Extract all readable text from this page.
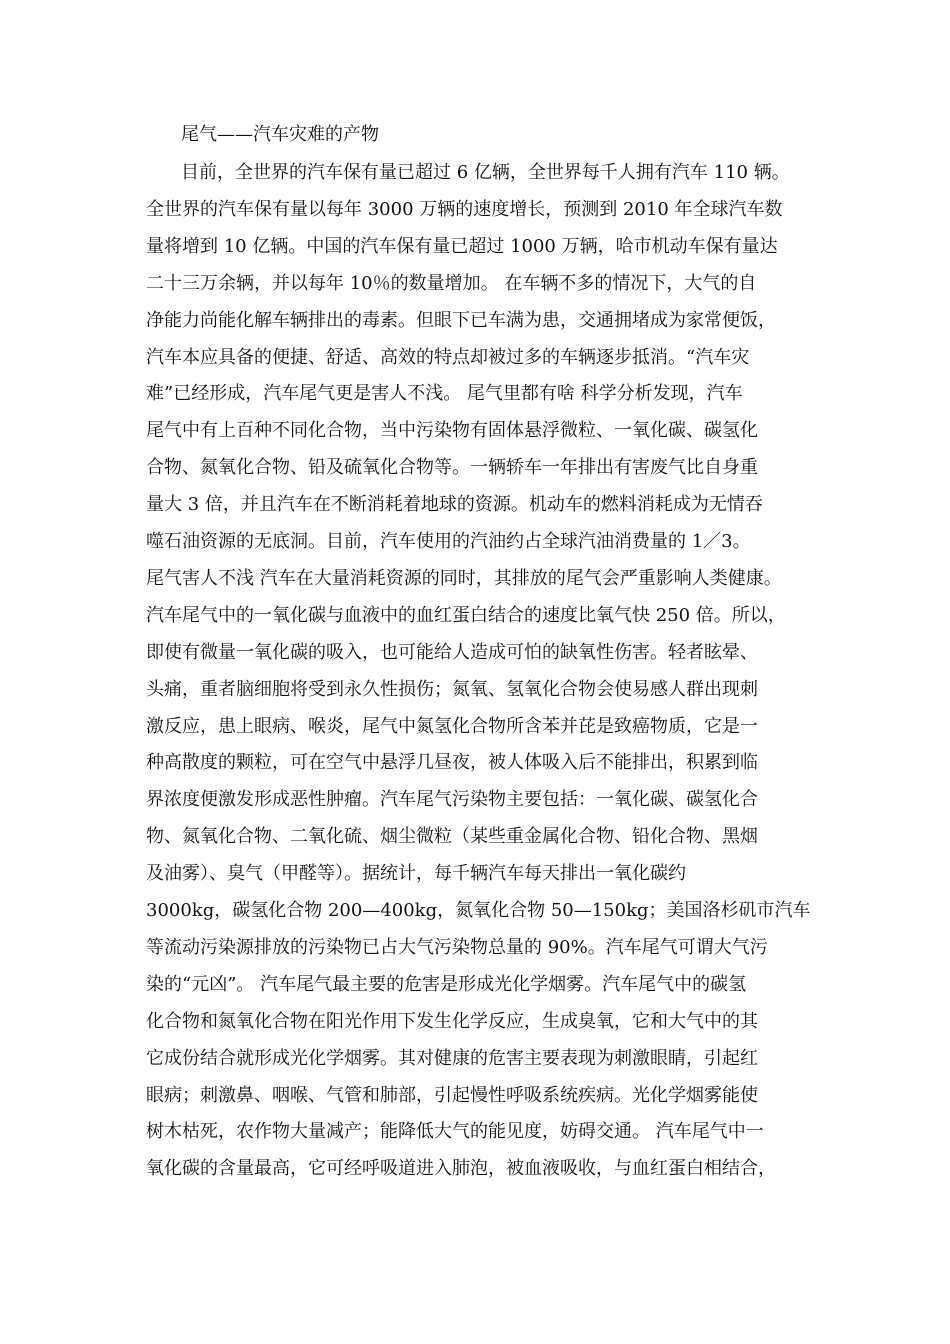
尾气——汽车灾难的产物
目前，全世界的汽车保有量已超过 6 亿辆，全世界每千人拥有汽车 110 辆。
全世界的汽车保有量以每年 3000 万辆的速度增长，预测到 2010 年全球汽车数
量将增到 10 亿辆。中国的汽车保有量已超过 1000 万辆，哈市机动车保有量达
二十三万余辆，并以每年 10％的数量增加。 在车辆不多的情况下，大气的自
净能力尚能化解车辆排出的毒素。但眼下已车满为患，交通拥堵成为家常便饭，
汽车本应具备的便捷、舒适、高效的特点却被过多的车辆逐步抵消。“汽车灾
难”已经形成，汽车尾气更是害人不浅。 尾气里都有啥 科学分析发现，汽车
尾气中有上百种不同化合物，当中污染物有固体悬浮微粒、一氧化碳、碳氢化
合物、氮氧化合物、铅及硫氧化合物等。一辆轿车一年排出有害废气比自身重
量大 3 倍，并且汽车在不断消耗着地球的资源。机动车的燃料消耗成为无情吞
噬石油资源的无底洞。目前，汽车使用的汽油约占全球汽油消费量的 1／3。
尾气害人不浅 汽车在大量消耗资源的同时，其排放的尾气会严重影响人类健康。
汽车尾气中的一氧化碳与血液中的血红蛋白结合的速度比氧气快 250 倍。所以，
即使有微量一氧化碳的吸入，也可能给人造成可怕的缺氧性伤害。轻者眩晕、
头痛，重者脑细胞将受到永久性损伤；氮氧、氢氧化合物会使易感人群出现刺
激反应，患上眼病、喉炎，尾气中氮氢化合物所含苯并芘是致癌物质，它是一
种高散度的颗粒，可在空气中悬浮几昼夜，被人体吸入后不能排出，积累到临
界浓度便激发形成恶性肿瘤。汽车尾气污染物主要包括：一氧化碳、碳氢化合
物、氮氧化合物、二氧化硫、烟尘微粒（某些重金属化合物、铅化合物、黑烟
及油雾）、臭气（甲醛等）。据统计，每千辆汽车每天排出一氧化碳约
3000kg，碳氢化合物 200—400kg，氮氧化合物 50—150kg；美国洛杉矶市汽车
等流动污染源排放的污染物已占大气污染物总量的 90%。汽车尾气可谓大气污
染的“元凶”。 汽车尾气最主要的危害是形成光化学烟雾。汽车尾气中的碳氢
化合物和氮氧化合物在阳光作用下发生化学反应，生成臭氧，它和大气中的其
它成份结合就形成光化学烟雾。其对健康的危害主要表现为刺激眼睛，引起红
眼病；刺激鼻、咽喉、气管和肺部，引起慢性呼吸系统疾病。光化学烟雾能使
树木枯死，农作物大量减产；能降低大气的能见度，妨碍交通。 汽车尾气中一
氧化碳的含量最高，它可经呼吸道进入肺泡，被血液吸收，与血红蛋白相结合，
